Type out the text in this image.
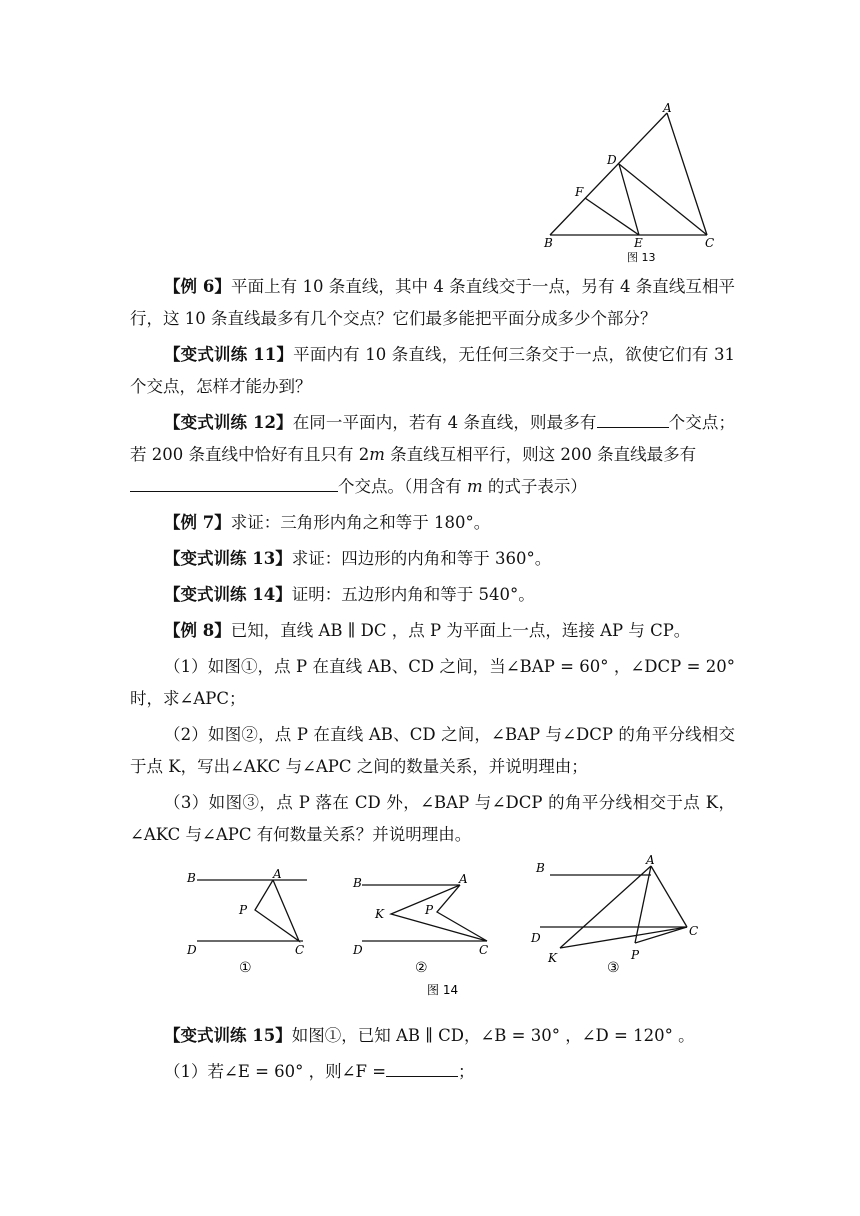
A
D
F
B	E	C
图 13

【例 6】平面上有 10 条直线，其中 4 条直线交于一点，另有 4 条直线互相平行，这 10 条直线最多有几个交点？它们最多能把平面分成多少个部分？

【变式训练 11】平面内有 10 条直线，无任何三条交于一点，欲使它们有 31 个交点，怎样才能办到？

【变式训练 12】在同一平面内，若有 4 条直线，则最多有	个交点；若 200 条直线中恰好有且只有 2m 条直线互相平行，则这 200 条直线最多有
个交点。（用含有 m 的式子表示）

【例 7】求证：三角形内角之和等于 180°。

【变式训练 13】求证：四边形的内角和等于 360°。

【变式训练 14】证明：五边形内角和等于 540°。

【例 8】已知，直线 AB ∥ DC ，点 P 为平面上一点，连接 AP 与 CP。

（1）如图①，点 P 在直线 AB、CD 之间，当∠BAP = 60° ，∠DCP = 20° 时，求∠APC；

（2）如图②，点 P 在直线 AB、CD 之间，∠BAP 与∠DCP 的角平分线相交于点 K，写出∠AKC 与∠APC 之间的数量关系，并说明理由；

（3）如图③，点 P 落在 CD 外，∠BAP 与∠DCP 的角平分线相交于点 K，∠AKC 与∠APC 有何数量关系？并说明理由。

B	A
P
D	C
①
B	A
K	P
D	C
②
B
A
D	C
K	P
③
图 14

【变式训练 15】如图①，已知 AB ∥ CD，∠B = 30° ，∠D = 120° 。

（1）若∠E = 60° ，则∠F =	；
